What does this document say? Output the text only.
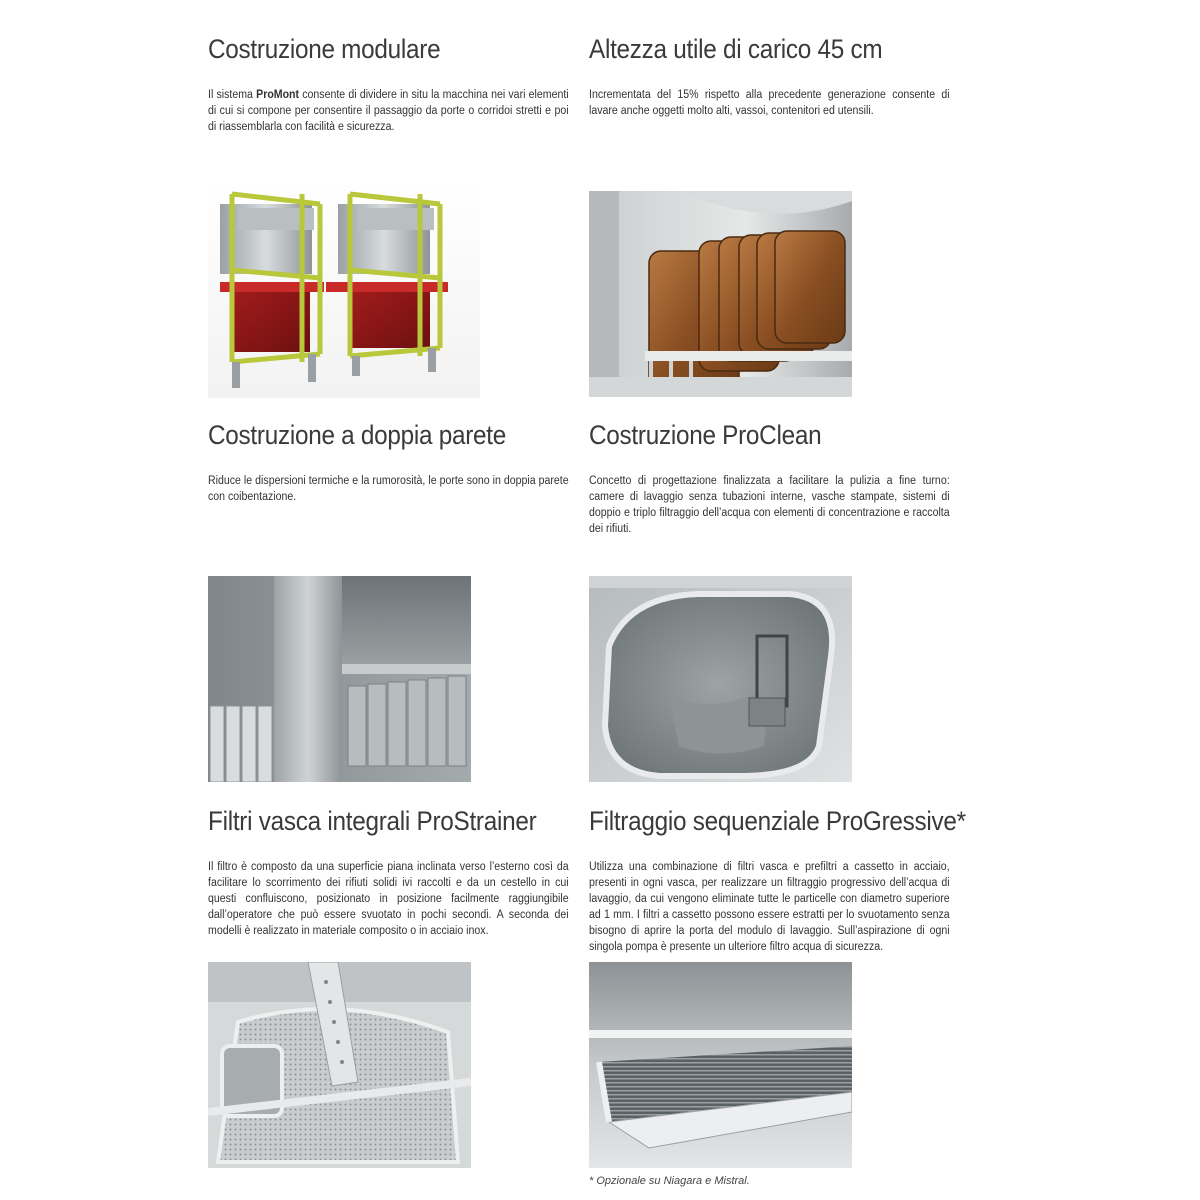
Costruzione modulare

Il sistema ProMont consente di dividere in situ la macchina nei vari elementi di cui si compone per consentire il passaggio da porte o corridoi stretti e poi di riassemblarla con facilità e sicurezza.

Altezza utile di carico 45 cm

Incrementata del 15% rispetto alla precedente generazione consente di lavare anche oggetti molto alti, vassoi, contenitori ed utensili.

Costruzione a doppia parete

Riduce le dispersioni termiche e la rumorosità, le porte sono in doppia parete con coibentazione.

Costruzione ProClean

Concetto di progettazione finalizzata a facilitare la pulizia a fine turno: camere di lavaggio senza tubazioni interne, vasche stampate, sistemi di doppio e triplo filtraggio dell’acqua con elementi di concentrazione e raccolta dei rifiuti.

Filtri vasca integrali ProStrainer

Il filtro è composto da una superficie piana inclinata verso l’esterno così da facilitare lo scorrimento dei rifiuti solidi ivi raccolti e da un cestello in cui questi confluiscono, posizionato in posizione facilmente raggiungibile dall’operatore che può essere svuotato in pochi secondi. A seconda dei modelli è realizzato in materiale composito o in acciaio inox.

Filtraggio sequenziale ProGressive*

Utilizza una combinazione di filtri vasca e prefiltri a cassetto in acciaio, presenti in ogni vasca, per realizzare un filtraggio progressivo dell’acqua di lavaggio, da cui vengono eliminate tutte le particelle con diametro superiore ad 1 mm. I filtri a cassetto possono essere estratti per lo svuotamento senza bisogno di aprire la porta del modulo di lavaggio. Sull’aspirazione di ogni singola pompa è presente un ulteriore filtro acqua di sicurezza.

* Opzionale su Niagara e Mistral.
